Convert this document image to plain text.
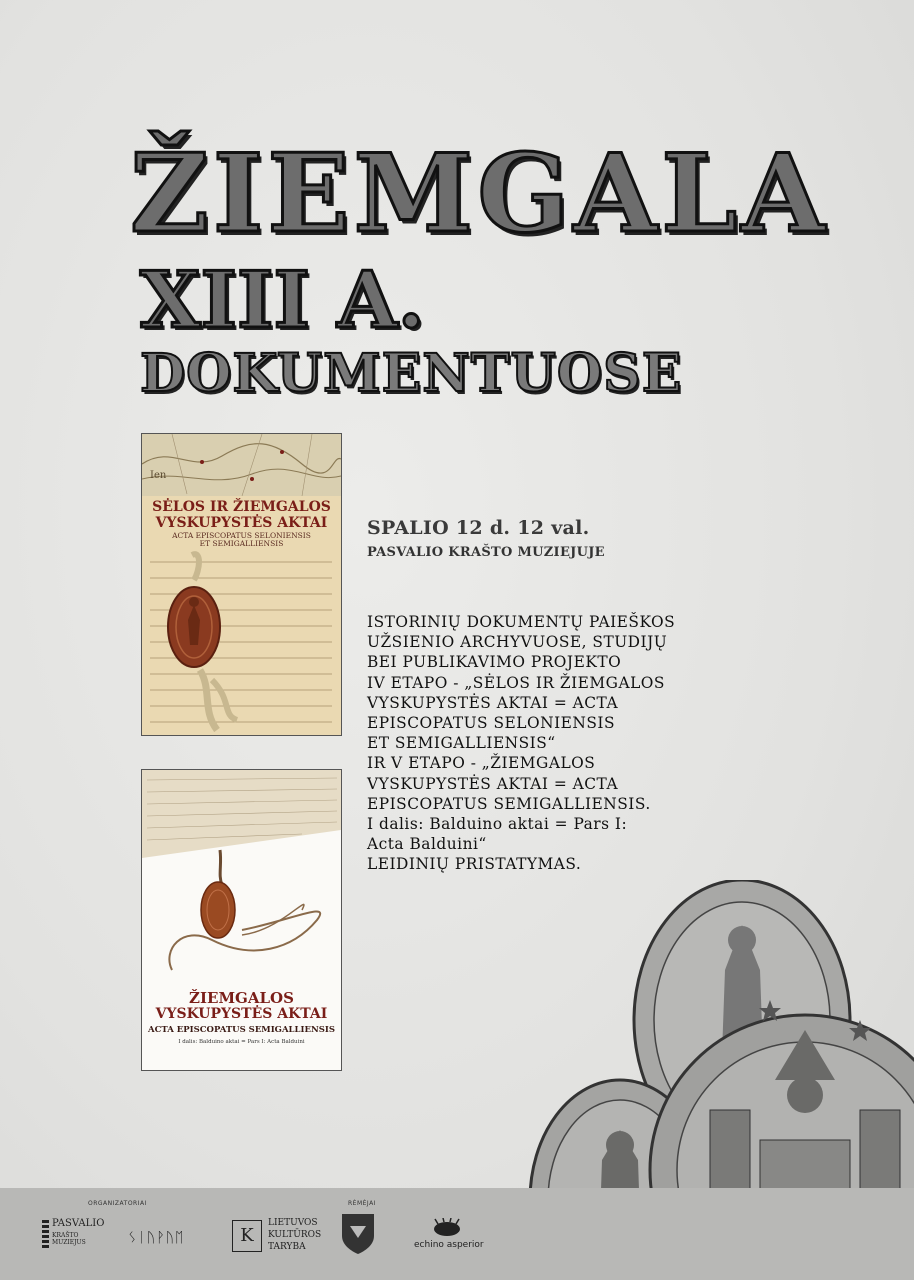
ŽIEMGALA
XIII A.
DOKUMENTUOSE
Ien
SĖLOS IR ŽIEMGALOS
VYSKUPYSTĖS AKTAI
ACTA EPISCOPATUS SELONIENSIS
ET SEMIGALLIENSIS
ŽIEMGALOS
VYSKUPYSTĖS AKTAI
ACTA EPISCOPATUS SEMIGALLIENSIS
I dalis: Balduino aktai = Pars I: Acta Balduini
SPALIO 12 d. 12 val.
PASVALIO KRAŠTO MUZIEJUJE
ISTORINIŲ DOKUMENTŲ PAIEŠKOS
UŽSIENIO ARCHYVUOSE, STUDIJŲ
BEI PUBLIKAVIMO PROJEKTO
IV ETAPO - „SĖLOS IR ŽIEMGALOS
VYSKUPYSTĖS AKTAI = ACTA
EPISCOPATUS SELONIENSIS
ET SEMIGALLIENSIS“
IR V ETAPO - „ŽIEMGALOS
VYSKUPYSTĖS AKTAI = ACTA
EPISCOPATUS SEMIGALLIENSIS.
I dalis: Balduino aktai = Pars I:
Acta Balduini“
LEIDINIŲ PRISTATYMAS.
ORGANIZATORIAI	RĖMĖJAI
PASVALIO
KRAŠTO MUZIEJUS	ᛊᛁᚢᚹᚢᛖ	K
LIETUVOS
KULTŪROS
TARYBA	echino asperior
